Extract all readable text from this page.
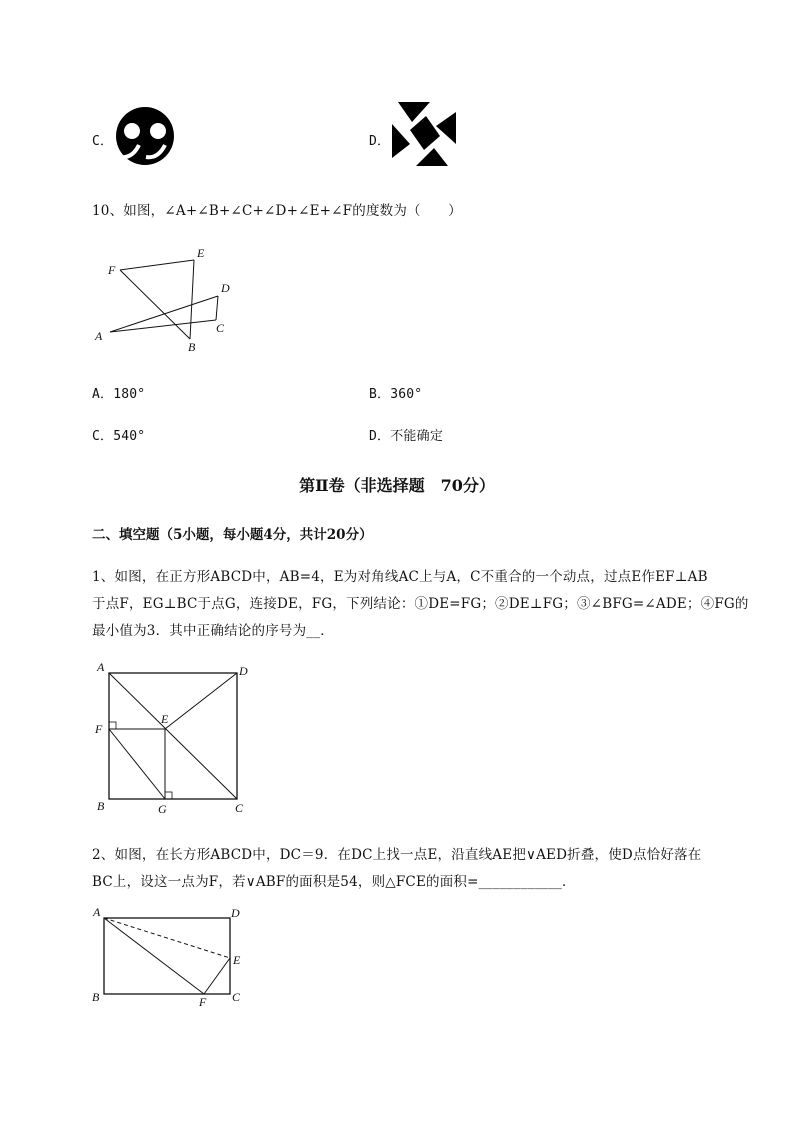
C．	D．
10、如图，∠A+∠B+∠C+∠D+∠E+∠F的度数为（　　）
F
E
D
C
A
B
A．180°	B．360°
C．540°	D．不能确定
第Ⅱ卷（非选择题　70分）
二、填空题（5小题，每小题4分，共计20分）
1、如图，在正方形ABCD中，AB=4，E为对角线AC上与A，C不重合的一个动点，过点E作EF⊥AB
于点F，EG⊥BC于点G，连接DE，FG，下列结论：①DE=FG；②DE⊥FG；③∠BFG=∠ADE；④FG的
最小值为3．其中正确结论的序号为__．
A	D
F
E
B	G	C
2、如图，在长方形ABCD中，DC＝9．在DC上找一点E，沿直线AE把∨AED折叠，使D点恰好落在
BC上，设这一点为F，若∨ABF的面积是54，则△FCE的面积=____________．
A	D
E
B	F C
